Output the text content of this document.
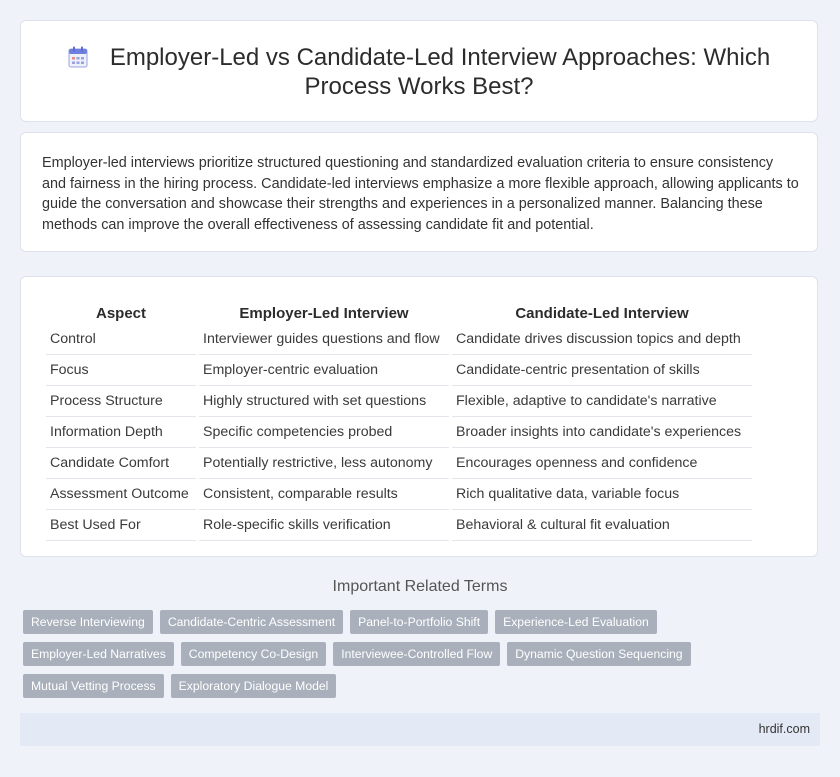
Employer-Led vs Candidate-Led Interview Approaches: Which Process Works Best?
Employer-led interviews prioritize structured questioning and standardized evaluation criteria to ensure consistency and fairness in the hiring process. Candidate-led interviews emphasize a more flexible approach, allowing applicants to guide the conversation and showcase their strengths and experiences in a personalized manner. Balancing these methods can improve the overall effectiveness of assessing candidate fit and potential.
Aspect	Employer-Led Interview	Candidate-Led Interview
Control	Interviewer guides questions and flow	Candidate drives discussion topics and depth
Focus	Employer-centric evaluation	Candidate-centric presentation of skills
Process Structure	Highly structured with set questions	Flexible, adaptive to candidate's narrative
Information Depth	Specific competencies probed	Broader insights into candidate's experiences
Candidate Comfort	Potentially restrictive, less autonomy	Encourages openness and confidence
Assessment Outcome	Consistent, comparable results	Rich qualitative data, variable focus
Best Used For	Role-specific skills verification	Behavioral & cultural fit evaluation
Important Related Terms
Reverse Interviewing	Candidate-Centric Assessment	Panel-to-Portfolio Shift	Experience-Led Evaluation
Employer-Led Narratives	Competency Co-Design	Interviewee-Controlled Flow	Dynamic Question Sequencing
Mutual Vetting Process	Exploratory Dialogue Model
hrdif.com
